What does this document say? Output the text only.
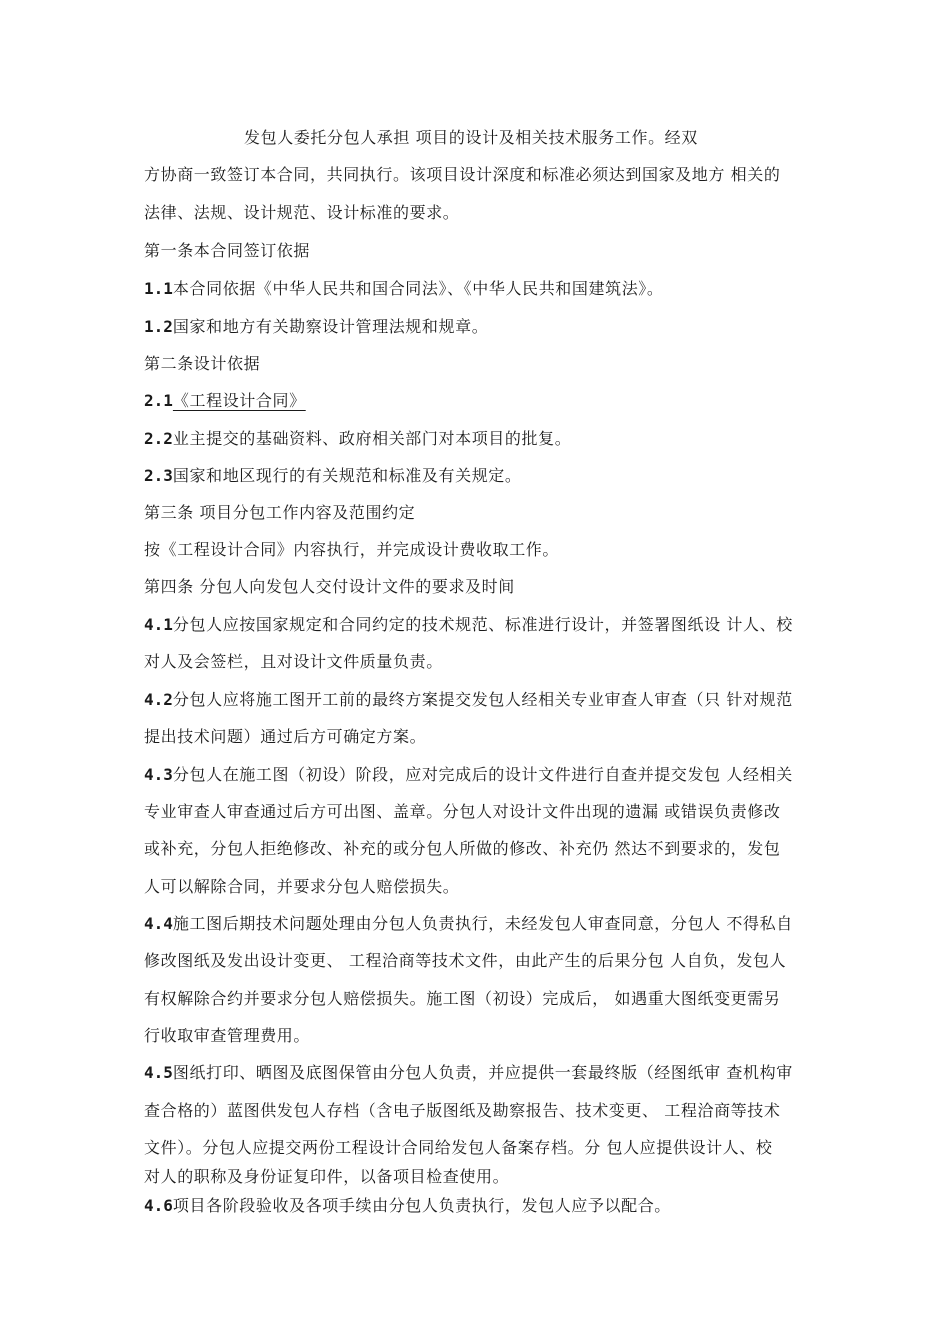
发包人委托分包人承担 项目的设计及相关技术服务工作。经双
方协商一致签订本合同，共同执行。该项目设计深度和标准必须达到国家及地方 相关的
法律、法规、设计规范、设计标准的要求。
第一条本合同签订依据
1.1本合同依据《中华人民共和国合同法》、《中华人民共和国建筑法》。
1.2国家和地方有关勘察设计管理法规和规章。
第二条设计依据
2.1《工程设计合同》
2.2业主提交的基础资料、政府相关部门对本项目的批复。
2.3国家和地区现行的有关规范和标准及有关规定。
第三条 项目分包工作内容及范围约定
按《工程设计合同》内容执行，并完成设计费收取工作。
第四条 分包人向发包人交付设计文件的要求及时间
4.1分包人应按国家规定和合同约定的技术规范、标准进行设计，并签署图纸设 计人、校
对人及会签栏，且对设计文件质量负责。
4.2分包人应将施工图开工前的最终方案提交发包人经相关专业审查人审查（只 针对规范
提出技术问题）通过后方可确定方案。
4.3分包人在施工图（初设）阶段，应对完成后的设计文件进行自查并提交发包 人经相关
专业审查人审查通过后方可出图、盖章。分包人对设计文件出现的遗漏 或错误负责修改
或补充，分包人拒绝修改、补充的或分包人所做的修改、补充仍 然达不到要求的，发包
人可以解除合同，并要求分包人赔偿损失。
4.4施工图后期技术问题处理由分包人负责执行，未经发包人审查同意，分包人 不得私自
修改图纸及发出设计变更、 工程洽商等技术文件，由此产生的后果分包 人自负，发包人
有权解除合约并要求分包人赔偿损失。施工图（初设）完成后， 如遇重大图纸变更需另
行收取审查管理费用。
4.5图纸打印、晒图及底图保管由分包人负责，并应提供一套最终版（经图纸审 查机构审
查合格的）蓝图供发包人存档（含电子版图纸及勘察报告、技术变更、 工程洽商等技术
文件）。分包人应提交两份工程设计合同给发包人备案存档。分 包人应提供设计人、校
对人的职称及身份证复印件，以备项目检查使用。
4.6项目各阶段验收及各项手续由分包人负责执行，发包人应予以配合。
